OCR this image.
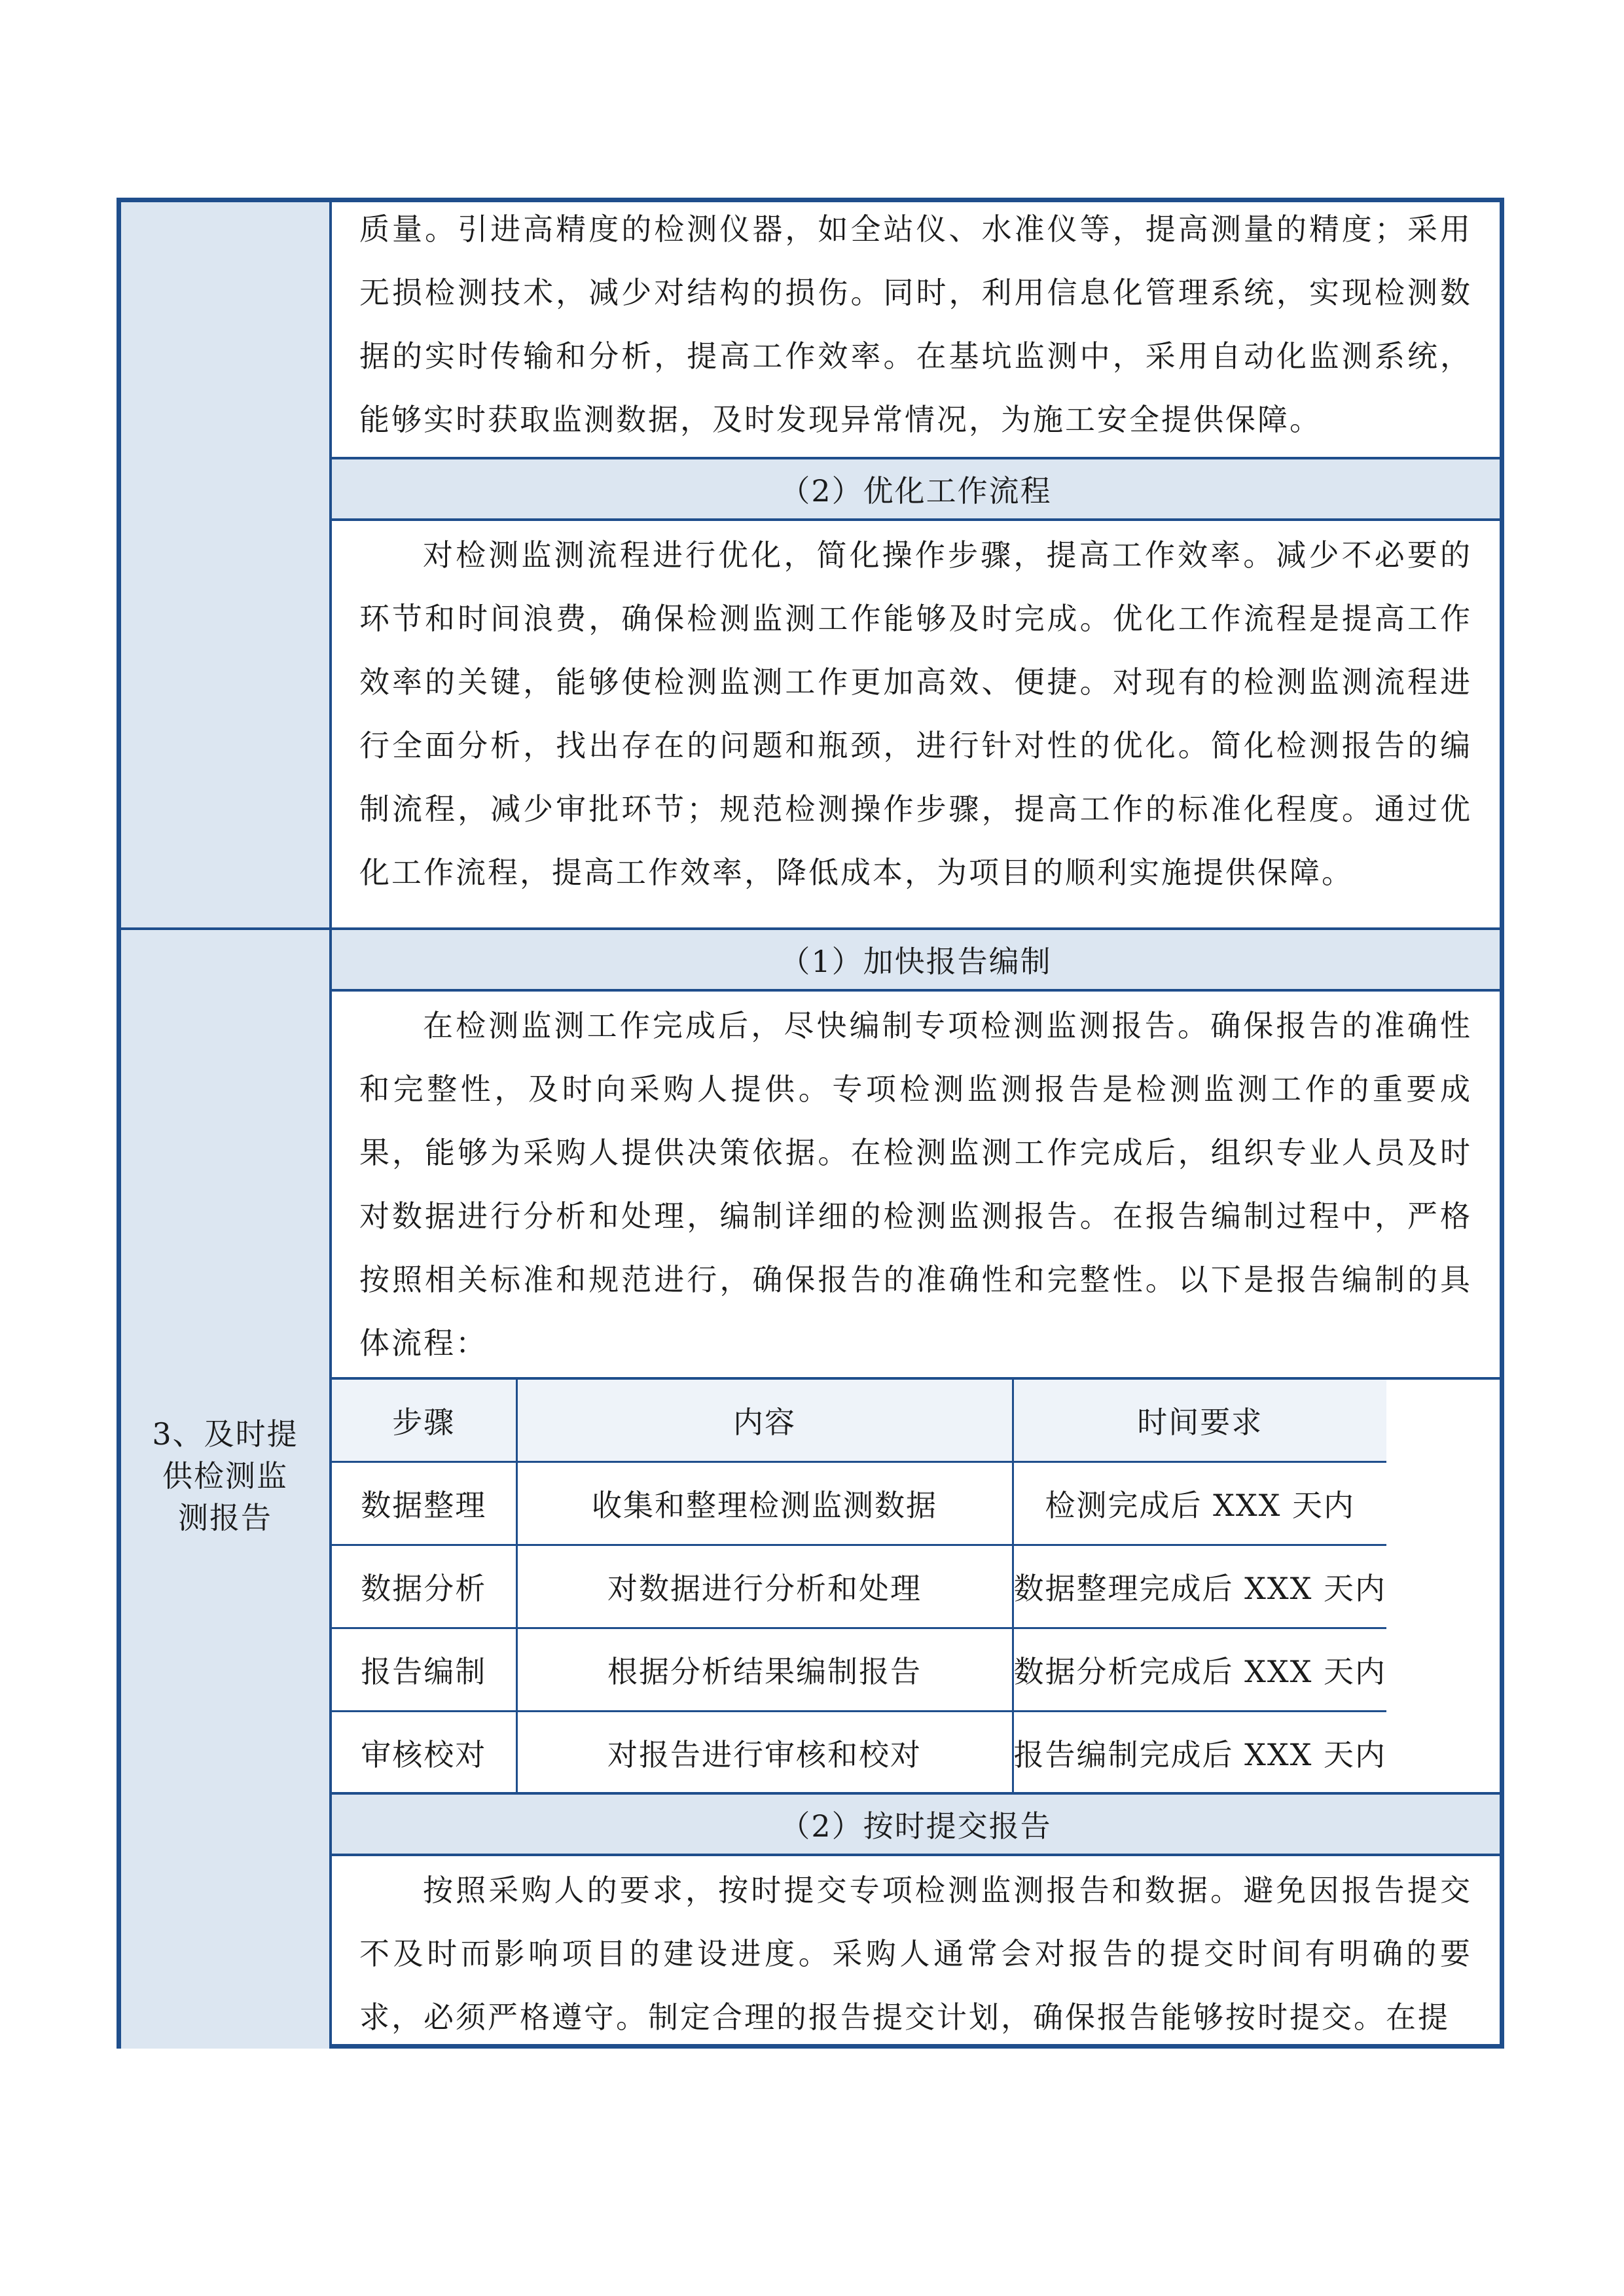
质量。引进高精度的检测仪器，如全站仪、水准仪等，提高测量的精度；采用无损检测技术，减少对结构的损伤。同时，利用信息化管理系统，实现检测数据的实时传输和分析，提高工作效率。在基坑监测中，采用自动化监测系统，能够实时获取监测数据，及时发现异常情况，为施工安全提供保障。

（2）优化工作流程

对检测监测流程进行优化，简化操作步骤，提高工作效率。减少不必要的环节和时间浪费，确保检测监测工作能够及时完成。优化工作流程是提高工作效率的关键，能够使检测监测工作更加高效、便捷。对现有的检测监测流程进行全面分析，找出存在的问题和瓶颈，进行针对性的优化。简化检测报告的编制流程，减少审批环节；规范检测操作步骤，提高工作的标准化程度。通过优化工作流程，提高工作效率，降低成本，为项目的顺利实施提供保障。

3、及时提供检测监测报告
（1）加快报告编制

在检测监测工作完成后，尽快编制专项检测监测报告。确保报告的准确性和完整性，及时向采购人提供。专项检测监测报告是检测监测工作的重要成果，能够为采购人提供决策依据。在检测监测工作完成后，组织专业人员及时对数据进行分析和处理，编制详细的检测监测报告。在报告编制过程中，严格按照相关标准和规范进行，确保报告的准确性和完整性。以下是报告编制的具体流程：

步骤	内容	时间要求
数据整理	收集和整理检测监测数据	检测完成后 XXX 天内
数据分析	对数据进行分析和处理	数据整理完成后 XXX 天内
报告编制	根据分析结果编制报告	数据分析完成后 XXX 天内
审核校对	对报告进行审核和校对	报告编制完成后 XXX 天内
（2）按时提交报告

按照采购人的要求，按时提交专项检测监测报告和数据。避免因报告提交不及时而影响项目的建设进度。采购人通常会对报告的提交时间有明确的要求，必须严格遵守。制定合理的报告提交计划，确保报告能够按时提交。在提
